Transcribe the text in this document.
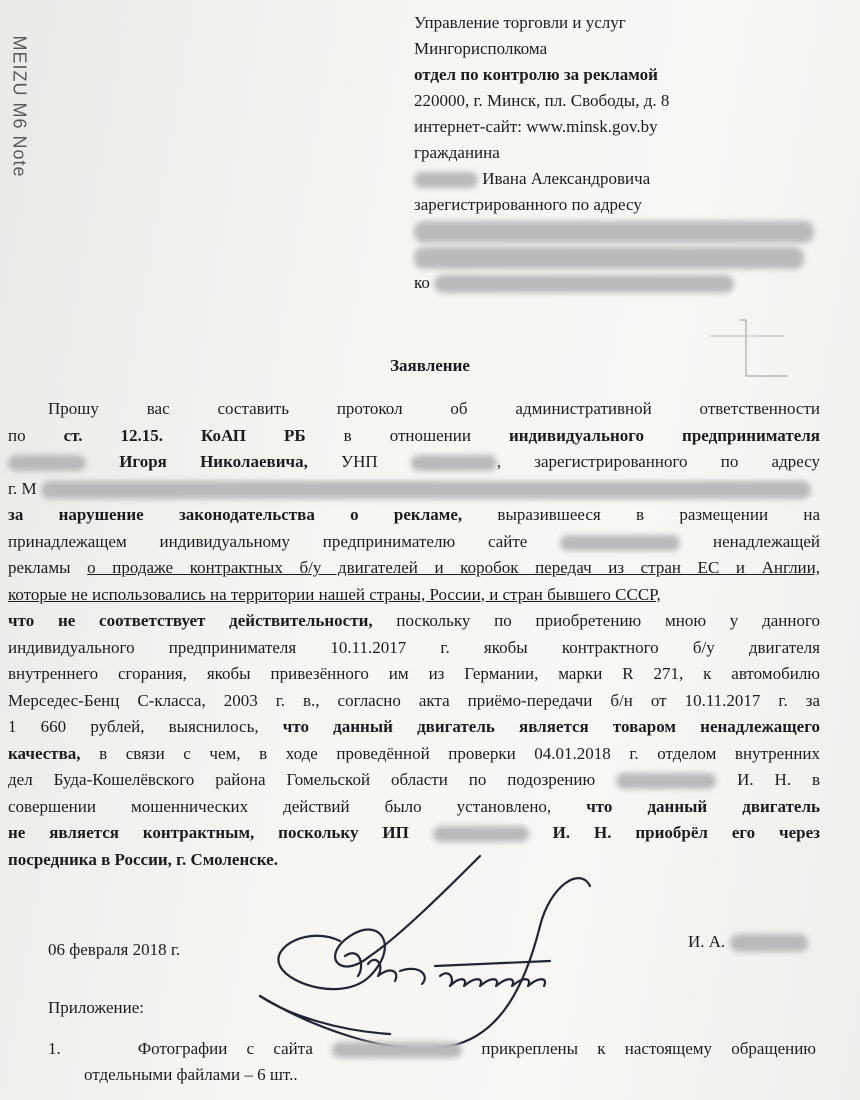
MEIZU M6 Note
Управление торговли и услуг
Мингорисполкома
отдел по контролю за рекламой
220000, г. Минск, пл. Свободы, д. 8
интернет-сайт: www.minsk.gov.by
гражданина
Ивана Александровича
зарегистрированного по адресу
ко
Заявление
Прошу вас составить протокол об административной ответственности
по ст. 12.15. КоАП РБ в отношении индивидуального предпринимателя
Игоря Николаевича, УНП	, зарегистрированного по адресу
г. М
за нарушение законодательства о рекламе, выразившееся в размещении на
принадлежащем индивидуальному предпринимателю сайте	ненадлежащей
рекламы о продаже контрактных б/у двигателей и коробок передач из стран ЕС и Англии,
которые не использовались на территории нашей страны, России, и стран бывшего СССР,
что не соответствует действительности, поскольку по приобретению мною у данного
индивидуального предпринимателя 10.11.2017 г. якобы контрактного б/у двигателя
внутреннего сгорания, якобы привезённого им из Германии, марки R 271, к автомобилю
Мерседес-Бенц С-класса, 2003 г. в., согласно акта приёмо-передачи б/н от 10.11.2017 г. за
1 660 рублей, выяснилось, что данный двигатель является товаром ненадлежащего
качества, в связи с чем, в ходе проведённой проверки 04.01.2018 г. отделом внутренних
дел Буда-Кошелёвского района Гомельской области по подозрению	И. Н. в
совершении мошеннических действий было установлено, что данный двигатель
не является контрактным, поскольку ИП	И. Н. приобрёл его через
посредника в России, г. Смоленске.
06 февраля 2018 г.	И. А.
Приложение:
1.	Фотографии с сайта	прикреплены к настоящему обращению
отдельными файлами – 6 шт..
